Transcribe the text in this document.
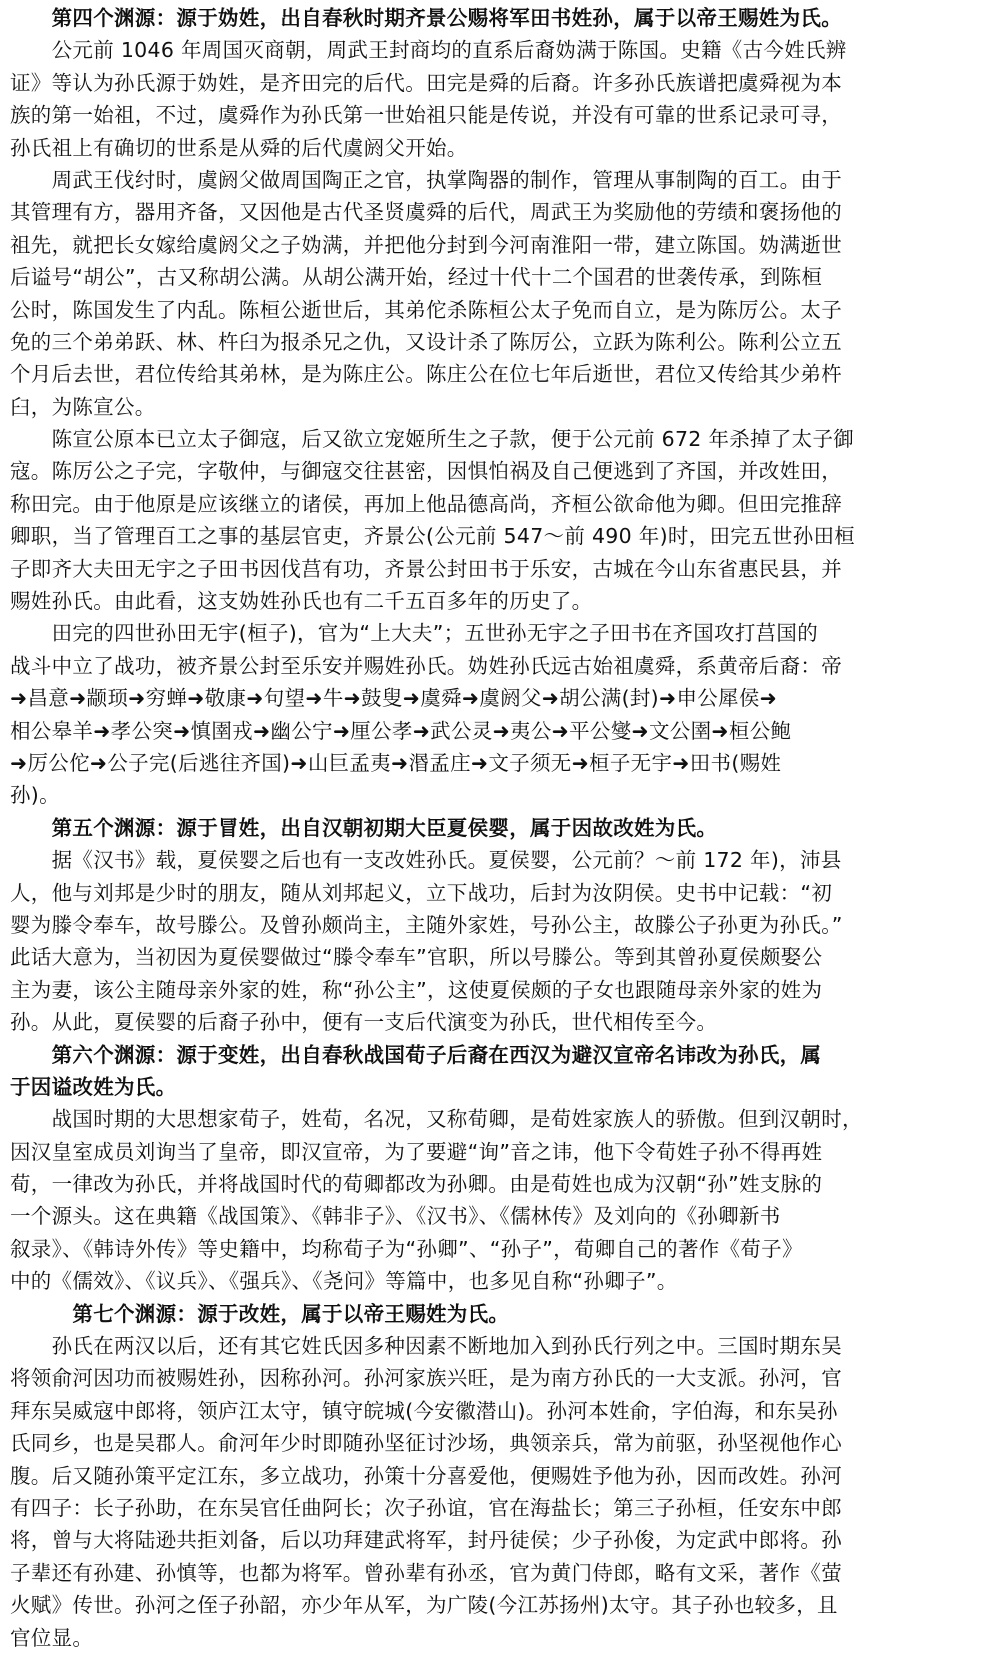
　　第四个渊源：源于妫姓，出自春秋时期齐景公赐将军田书姓孙，属于以帝王赐姓为氏。
　　公元前 1046 年周国灭商朝，周武王封商均的直系后裔妫满于陈国。史籍《古今姓氏辨
证》等认为孙氏源于妫姓，是齐田完的后代。田完是舜的后裔。许多孙氏族谱把虞舜视为本
族的第一始祖，不过，虞舜作为孙氏第一世始祖只能是传说，并没有可靠的世系记录可寻，
孙氏祖上有确切的世系是从舜的后代虞阏父开始。
　　周武王伐纣时，虞阏父做周国陶正之官，执掌陶器的制作，管理从事制陶的百工。由于
其管理有方，器用齐备，又因他是古代圣贤虞舜的后代，周武王为奖励他的劳绩和褒扬他的
祖先，就把长女嫁给虞阏父之子妫满，并把他分封到今河南淮阳一带，建立陈国。妫满逝世
后谥号“胡公”，古又称胡公满。从胡公满开始，经过十代十二个国君的世袭传承，到陈桓
公时，陈国发生了内乱。陈桓公逝世后，其弟佗杀陈桓公太子免而自立，是为陈厉公。太子
免的三个弟弟跃、林、杵臼为报杀兄之仇，又设计杀了陈厉公，立跃为陈利公。陈利公立五
个月后去世，君位传给其弟林，是为陈庄公。陈庄公在位七年后逝世，君位又传给其少弟杵
臼，为陈宣公。
　　陈宣公原本已立太子御寇，后又欲立宠姬所生之子款，便于公元前 672 年杀掉了太子御
寇。陈厉公之子完，字敬仲，与御寇交往甚密，因惧怕祸及自己便逃到了齐国，并改姓田，
称田完。由于他原是应该继立的诸侯，再加上他品德高尚，齐桓公欲命他为卿。但田完推辞
卿职，当了管理百工之事的基层官吏，齐景公(公元前 547～前 490 年)时，田完五世孙田桓
子即齐大夫田无宇之子田书因伐莒有功，齐景公封田书于乐安，古城在今山东省惠民县，并
赐姓孙氏。由此看，这支妫姓孙氏也有二千五百多年的历史了。
　　田完的四世孙田无宇(桓子)，官为“上大夫”；五世孙无宇之子田书在齐国攻打莒国的
战斗中立了战功，被齐景公封至乐安并赐姓孙氏。妫姓孙氏远古始祖虞舜，系黄帝后裔：帝
➜昌意➜颛顼➜穷蝉➜敬康➜句望➜牛➜鼓叟➜虞舜➜虞阏父➜胡公满(封)➜申公犀侯➜
相公皋羊➜孝公突➜慎圉戎➜幽公宁➜厘公孝➜武公灵➜夷公➜平公燮➜文公圉➜桓公鲍
➜厉公佗➜公子完(后逃往齐国)➜山巨孟夷➜湣孟庄➜文子须无➜桓子无宇➜田书(赐姓
孙)。
　　第五个渊源：源于冒姓，出自汉朝初期大臣夏侯婴，属于因故改姓为氏。
　　据《汉书》载，夏侯婴之后也有一支改姓孙氏。夏侯婴，公元前？～前 172 年)，沛县
人，他与刘邦是少时的朋友，随从刘邦起义，立下战功，后封为汝阴侯。史书中记载：“初
婴为滕令奉车，故号滕公。及曾孙颇尚主，主随外家姓，号孙公主，故滕公子孙更为孙氏。”
此话大意为，当初因为夏侯婴做过“滕令奉车”官职，所以号滕公。等到其曾孙夏侯颇娶公
主为妻，该公主随母亲外家的姓，称“孙公主”，这使夏侯颇的子女也跟随母亲外家的姓为
孙。从此，夏侯婴的后裔子孙中，便有一支后代演变为孙氏，世代相传至今。
　　第六个渊源：源于变姓，出自春秋战国荀子后裔在西汉为避汉宣帝名讳改为孙氏，属
于因谥改姓为氏。
　　战国时期的大思想家荀子，姓荀，名况，又称荀卿，是荀姓家族人的骄傲。但到汉朝时，
因汉皇室成员刘询当了皇帝，即汉宣帝，为了要避“询”音之讳，他下令荀姓子孙不得再姓
荀，一律改为孙氏，并将战国时代的荀卿都改为孙卿。由是荀姓也成为汉朝“孙”姓支脉的
一个源头。这在典籍《战国策》、《韩非子》、《汉书》、《儒林传》及刘向的《孙卿新书
叙录》、《韩诗外传》等史籍中，均称荀子为“孙卿”、“孙子”，荀卿自己的著作《荀子》
中的《儒效》、《议兵》、《强兵》、《尧问》等篇中，也多见自称“孙卿子”。
　　　第七个渊源：源于改姓，属于以帝王赐姓为氏。
　　孙氏在两汉以后，还有其它姓氏因多种因素不断地加入到孙氏行列之中。三国时期东吴
将领俞河因功而被赐姓孙，因称孙河。孙河家族兴旺，是为南方孙氏的一大支派。孙河，官
拜东吴威寇中郎将，领庐江太守，镇守皖城(今安徽潜山)。孙河本姓俞，字伯海，和东吴孙
氏同乡，也是吴郡人。俞河年少时即随孙坚征讨沙场，典领亲兵，常为前驱，孙坚视他作心
腹。后又随孙策平定江东，多立战功，孙策十分喜爱他，便赐姓予他为孙，因而改姓。孙河
有四子：长子孙助，在东吴官任曲阿长；次子孙谊，官在海盐长；第三子孙桓，任安东中郎
将，曾与大将陆逊共拒刘备，后以功拜建武将军，封丹徒侯；少子孙俊，为定武中郎将。孙
子辈还有孙建、孙慎等，也都为将军。曾孙辈有孙丞，官为黄门侍郎，略有文采，著作《萤
火赋》传世。孙河之侄子孙韶，亦少年从军，为广陵(今江苏扬州)太守。其子孙也较多，且
官位显。
